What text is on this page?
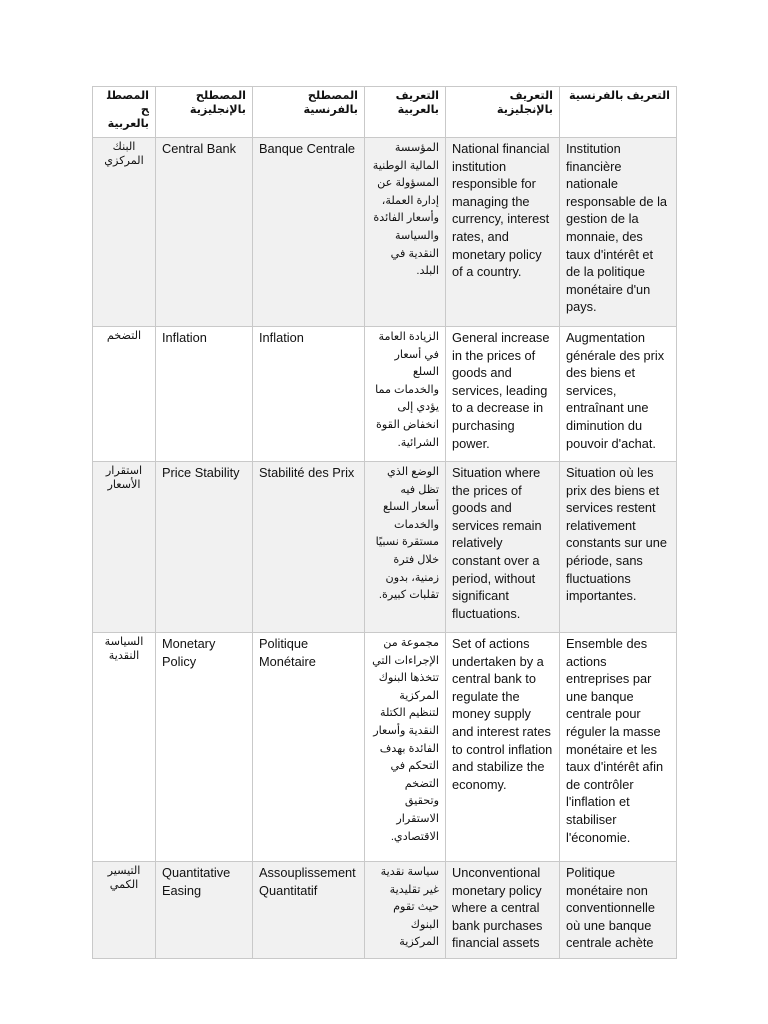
المصطلح بالعربية	المصطلح بالإنجليزية	المصطلح بالفرنسية	التعريف بالعربية	التعريف بالإنجليزية	التعريف بالفرنسية
البنك المركزي	Central Bank	Banque Centrale	المؤسسة المالية الوطنية المسؤولة عن إدارة العملة، وأسعار الفائدة والسياسة النقدية في البلد.	National financial institution responsible for managing the currency, interest rates, and monetary policy of a country.	Institution financière nationale responsable de la gestion de la monnaie, des taux d'intérêt et de la politique monétaire d'un pays.
التضخم	Inflation	Inflation	الزيادة العامة في أسعار السلع والخدمات مما يؤدي إلى انخفاض القوة الشرائية.	General increase in the prices of goods and services, leading to a decrease in purchasing power.	Augmentation générale des prix des biens et services, entraînant une diminution du pouvoir d'achat.
استقرار الأسعار	Price Stability	Stabilité des Prix	الوضع الذي تظل فيه أسعار السلع والخدمات مستقرة نسبيًا خلال فترة زمنية، بدون تقلبات كبيرة.	Situation where the prices of goods and services remain relatively constant over a period, without significant fluctuations.	Situation où les prix des biens et services restent relativement constants sur une période, sans fluctuations importantes.
السياسة النقدية	Monetary Policy	Politique Monétaire	مجموعة من الإجراءات التي تتخذها البنوك المركزية لتنظيم الكتلة النقدية وأسعار الفائدة بهدف التحكم في التضخم وتحقيق الاستقرار الاقتصادي.	Set of actions undertaken by a central bank to regulate the money supply and interest rates to control inflation and stabilize the economy.	Ensemble des actions entreprises par une banque centrale pour réguler la masse monétaire et les taux d'intérêt afin de contrôler l'inflation et stabiliser l'économie.
التيسير الكمي	Quantitative Easing	Assouplissement Quantitatif	سياسة نقدية غير تقليدية حيث تقوم البنوك المركزية	Unconventional monetary policy where a central bank purchases financial assets	Politique monétaire non conventionnelle où une banque centrale achète
